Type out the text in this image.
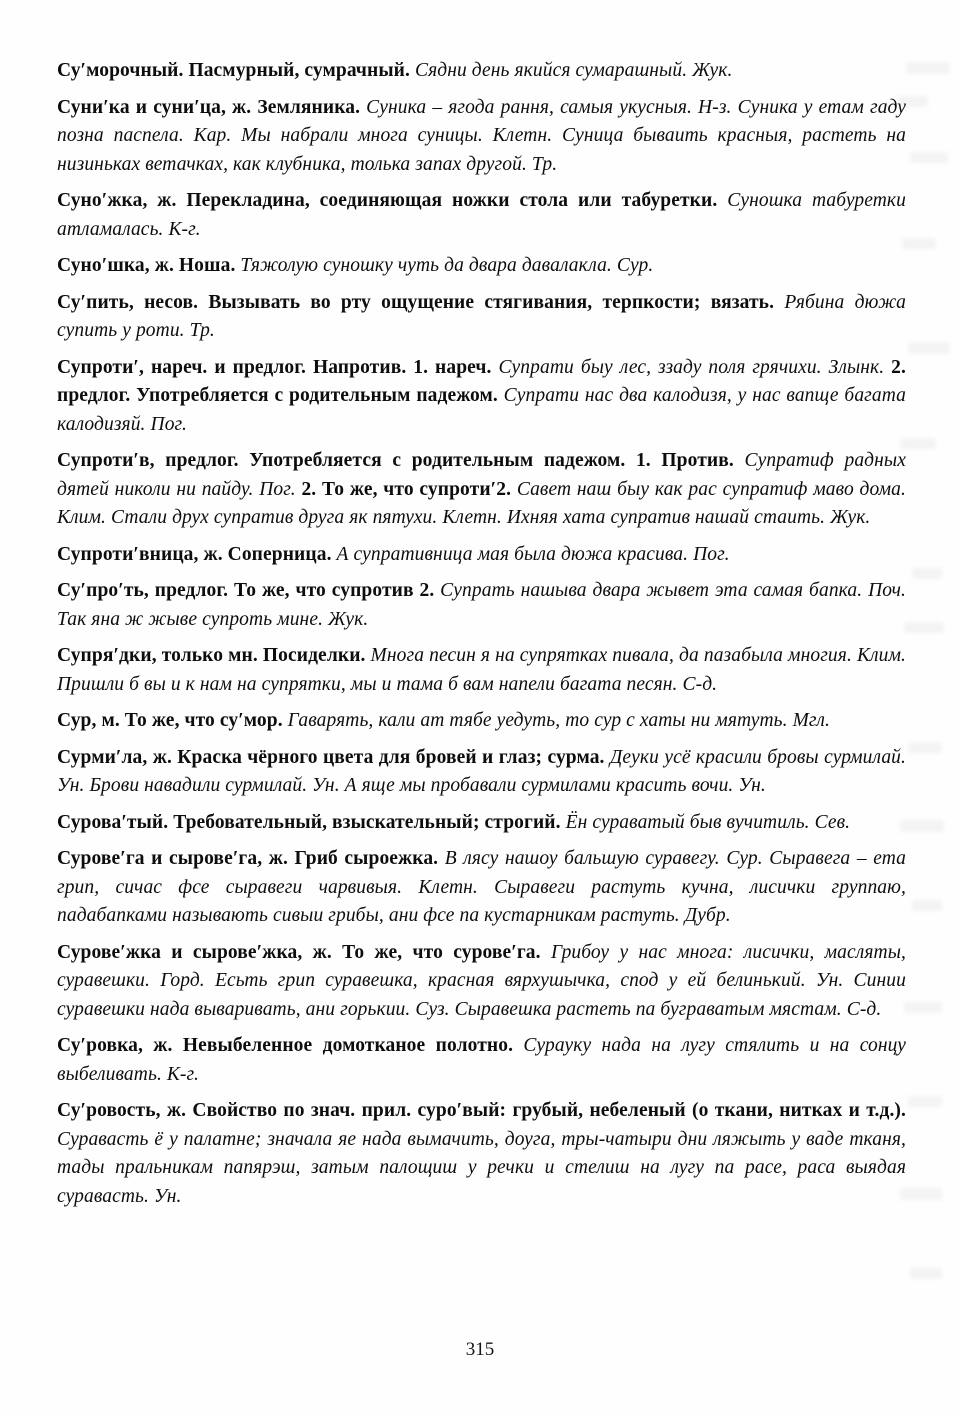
Су′морочный. Пасмурный, сумрачный. Сядни день якийся сумарашный. Жук.

Суни′ка и суни′ца, ж. Земляника. Суника – ягода рання, самыя укусныя. Н-з. Суника у етам гаду позна паспела. Кар. Мы набрали многа суницы. Клетн. Суница бываить красныя, растеть на низиньках ветачках, как клубника, толька запах другой. Тр.

Суно′жка, ж. Перекладина, соединяющая ножки стола или табуретки. Суношка табуретки атламалась. К-г.

Суно′шка, ж. Ноша. Тяжолую суношку чуть да двара давалакла. Сур.

Су′пить, несов. Вызывать во рту ощущение стягивания, терпкости; вязать. Рябина дюжа супить у роти. Тр.

Супроти′, нареч. и предлог. Напротив. 1. нареч. Супрати быу лес, ззаду поля грячихи. Злынк. 2. предлог. Употребляется с родительным падежом. Супрати нас два калодизя, у нас вапще багата калодизяй. Пог.

Супроти′в, предлог. Употребляется с родительным падежом. 1. Против. Супратиф радных дятей николи ни пайду. Пог. 2. То же, что супроти′2. Савет наш быу как рас супратиф маво дома. Клим. Стали друх супратив друга як пятухи. Клетн. Ихняя хата супратив нашай стаить. Жук.

Супроти′вница, ж. Соперница. А супративница мая была дюжа красива. Пог.

Су′про′ть, предлог. То же, что супротив 2. Супрать нашыва двара жывет эта самая бапка. Поч. Так яна ж жыве супроть мине. Жук.

Супря′дки, только мн. Посиделки. Многа песин я на супрятках пивала, да пазабыла многия. Клим. Пришли б вы и к нам на супрятки, мы и тама б вам напели багата песян. С-д.

Сур, м. То же, что су′мор. Гаварять, кали ат тябе уедуть, то сур с хаты ни мятуть. Мгл.

Сурми′ла, ж. Краска чёрного цвета для бровей и глаз; сурма. Деуки усё красили бровы сурмилай. Ун. Брови навадили сурмилай. Ун. А яще мы пробавали сурмилами красить вочи. Ун.

Сурова′тый. Требовательный, взыскательный; строгий. Ён сураватый быв вучитиль. Сев.

Сурове′га и сырове′га, ж. Гриб сыроежка. В лясу нашоу бальшую суравегу. Сур. Сыравега – ета грип, сичас фсе сыравеги чарвивыя. Клетн. Сыравеги растуть кучна, лисички группаю, падабапками называють сивыи грибы, ани фсе па кустарникам растуть. Дубр.

Сурове′жка и сырове′жка, ж. То же, что сурове′га. Грибоу у нас многа: лисички, масляты, суравешки. Горд. Есьть грип суравешка, красная вярхушычка, спод у ей белинький. Ун. Синии суравешки нада вываривать, ани горькии. Суз. Сыравешка растеть па буграватым мястам. С-д.

Су′ровка, ж. Невыбеленное домотканое полотно. Сурауку нада на лугу стялить и на сонцу выбеливать. К-г.

Су′ровость, ж. Свойство по знач. прил. суро′вый: грубый, небеленый (о ткани, нитках и т.д.). Суравасть ё у палатне; значала яе нада вымачить, доуга, тры-чатыри дни ляжыть у ваде тканя, тады пральникам папярэш, затым палощиш у речки и стелиш на лугу па расе, раса выядая суравасть. Ун.

315
